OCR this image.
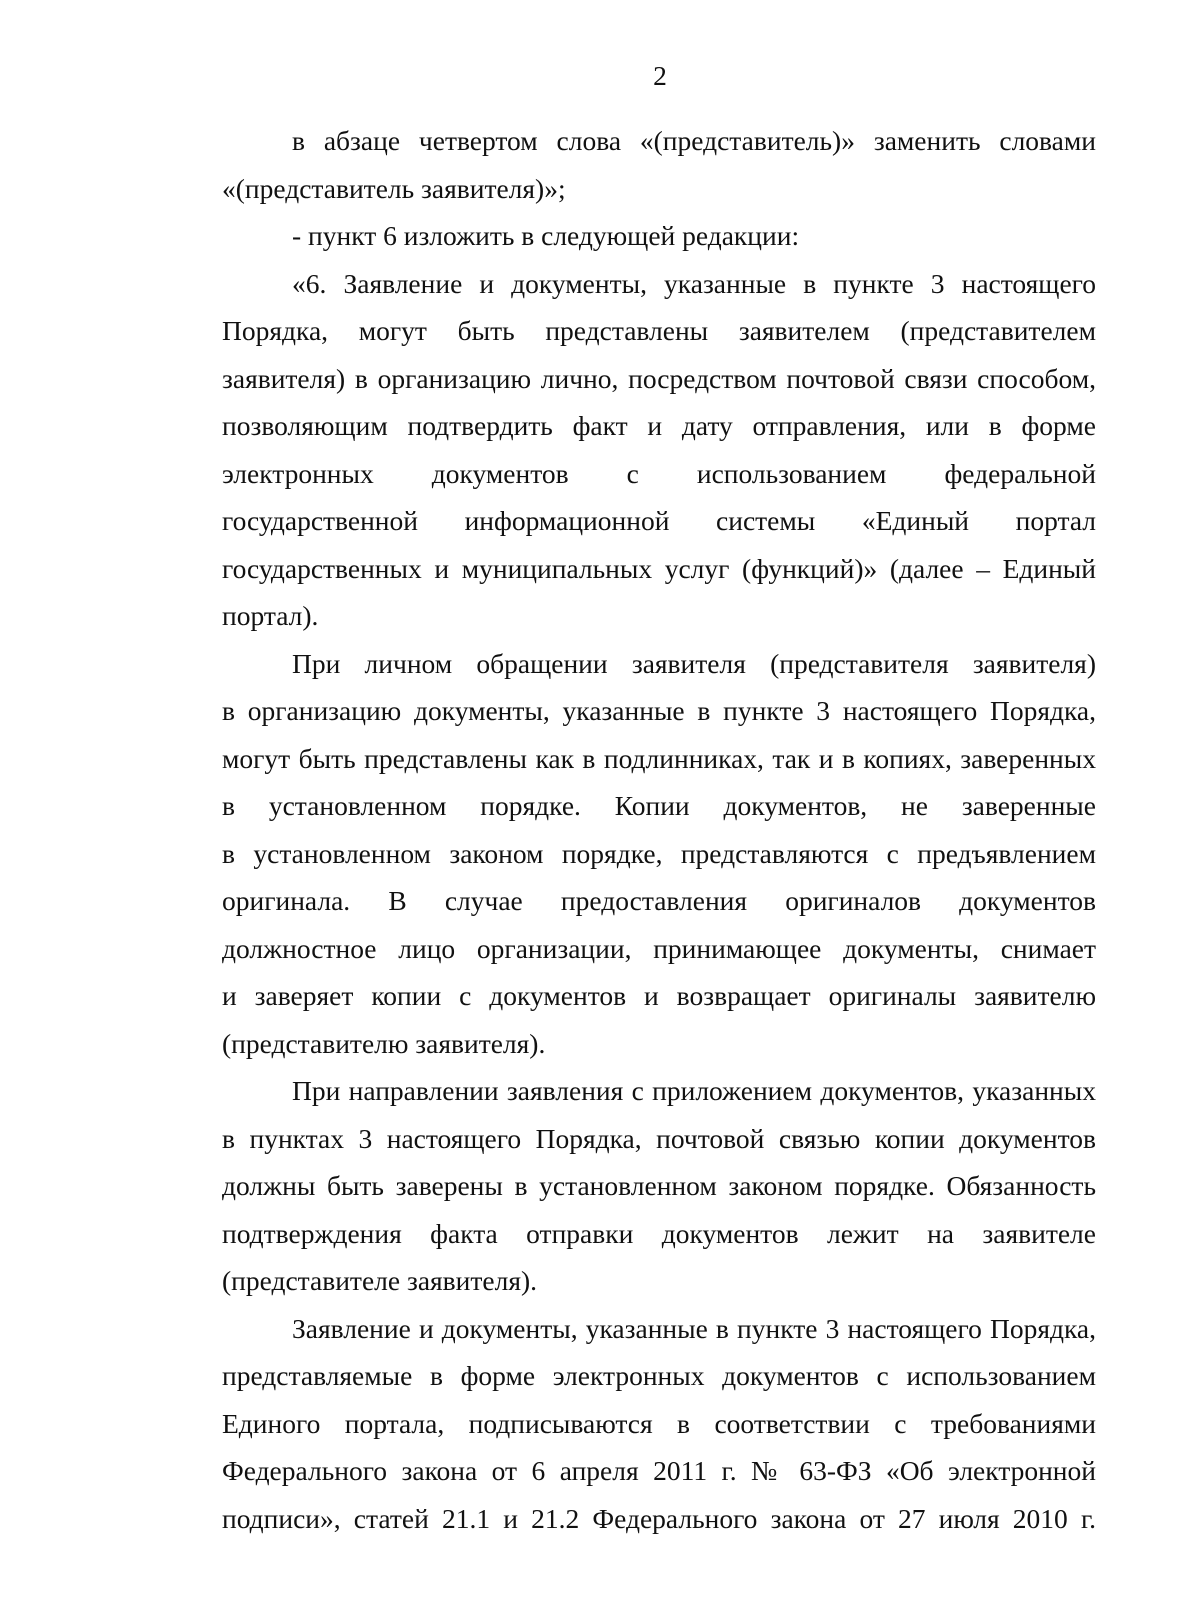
2
в абзаце четвертом слова «(представитель)» заменить словами
«(представитель заявителя)»;
- пункт 6 изложить в следующей редакции:
«6. Заявление и документы, указанные в пункте 3 настоящего
Порядка, могут быть представлены заявителем (представителем
заявителя) в организацию лично, посредством почтовой связи способом,
позволяющим подтвердить факт и дату отправления, или в форме
электронных документов с использованием федеральной
государственной информационной системы «Единый портал
государственных и муниципальных услуг (функций)» (далее – Единый
портал).
При личном обращении заявителя (представителя заявителя)
в организацию документы, указанные в пункте 3 настоящего Порядка,
могут быть представлены как в подлинниках, так и в копиях, заверенных
в установленном порядке. Копии документов, не заверенные
в установленном законом порядке, представляются с предъявлением
оригинала. В случае предоставления оригиналов документов
должностное лицо организации, принимающее документы, снимает
и заверяет копии с документов и возвращает оригиналы заявителю
(представителю заявителя).
При направлении заявления с приложением документов, указанных
в пунктах 3 настоящего Порядка, почтовой связью копии документов
должны быть заверены в установленном законом порядке. Обязанность
подтверждения факта отправки документов лежит на заявителе
(представителе заявителя).
Заявление и документы, указанные в пункте 3 настоящего Порядка,
представляемые в форме электронных документов с использованием
Единого портала, подписываются в соответствии с требованиями
Федерального закона от 6 апреля 2011 г. № 63-ФЗ «Об электронной
подписи», статей 21.1 и 21.2 Федерального закона от 27 июля 2010 г.
